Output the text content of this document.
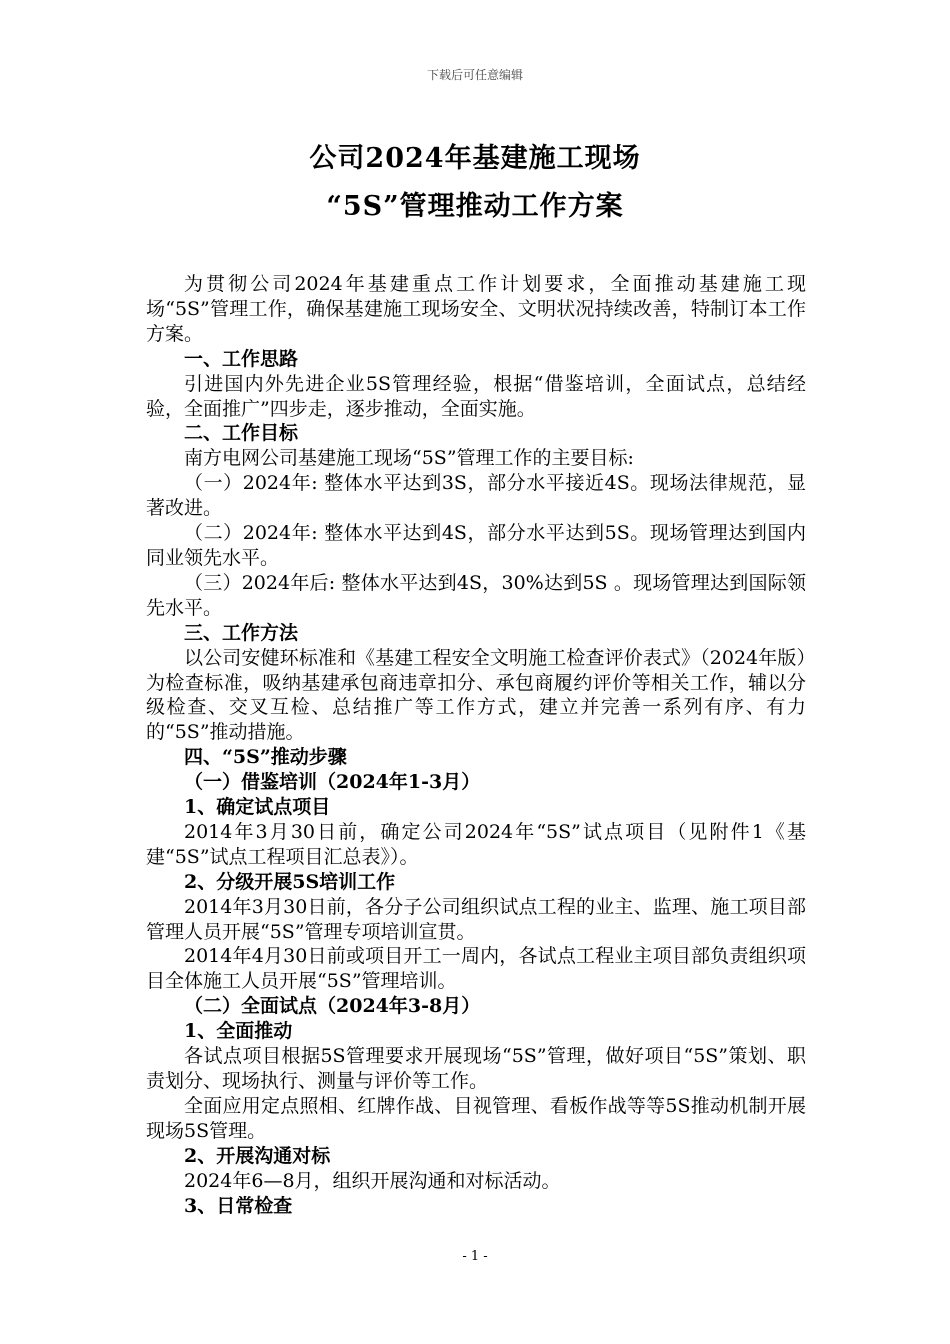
下载后可任意编辑
公司2024年基建施工现场
“5S”管理推动工作方案

为贯彻公司2024年基建重点工作计划要求，全面推动基建施工现场“5S”管理工作，确保基建施工现场安全、文明状况持续改善，特制订本工作方案。

一、工作思路

引进国内外先进企业5S管理经验，根据“借鉴培训，全面试点，总结经验，全面推广”四步走，逐步推动，全面实施。

二、工作目标

南方电网公司基建施工现场“5S”管理工作的主要目标:

（一）2024年: 整体水平达到3S，部分水平接近4S。现场法律规范，显著改进。

（二）2024年: 整体水平达到4S，部分水平达到5S。现场管理达到国内同业领先水平。

（三）2024年后: 整体水平达到4S，30%达到5S 。现场管理达到国际领先水平。

三、工作方法

以公司安健环标准和《基建工程安全文明施工检查评价表式》（2024年版）为检查标准，吸纳基建承包商违章扣分、承包商履约评价等相关工作，辅以分级检查、交叉互检、总结推广等工作方式，建立并完善一系列有序、有力的“5S”推动措施。

四、“5S”推动步骤

（一）借鉴培训（2024年1-3月）

1、确定试点项目

2014年3月30日前，确定公司2024年“5S”试点项目（见附件1《基建“5S”试点工程项目汇总表》）。

2、分级开展5S培训工作

2014年3月30日前，各分子公司组织试点工程的业主、监理、施工项目部管理人员开展“5S”管理专项培训宣贯。

2014年4月30日前或项目开工一周内，各试点工程业主项目部负责组织项目全体施工人员开展“5S”管理培训。

（二）全面试点（2024年3-8月）

1、全面推动

各试点项目根据5S管理要求开展现场“5S”管理，做好项目“5S”策划、职责划分、现场执行、测量与评价等工作。

全面应用定点照相、红牌作战、目视管理、看板作战等等5S推动机制开展现场5S管理。

2、开展沟通对标

2024年6—8月，组织开展沟通和对标活动。

3、日常检查

- 1 -
